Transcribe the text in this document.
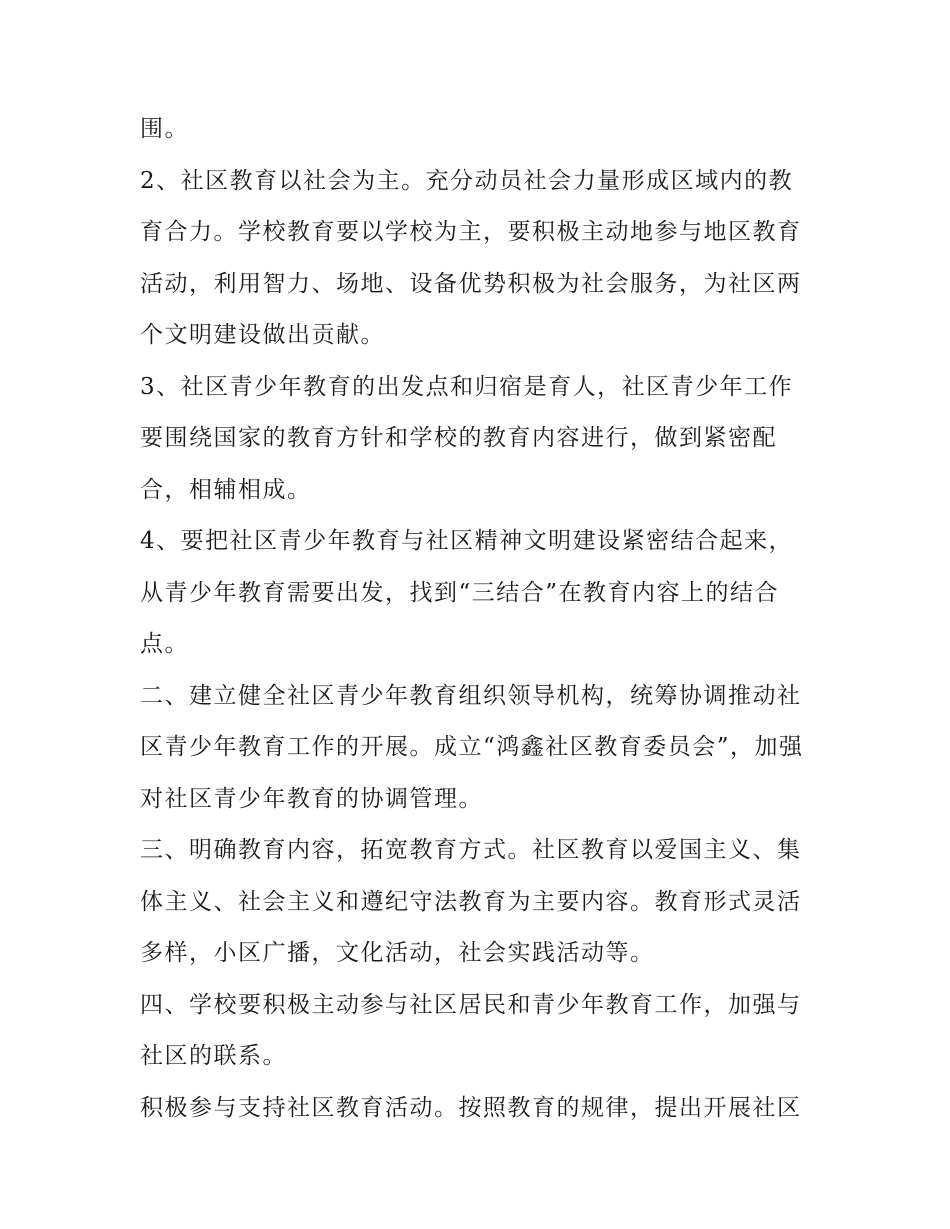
围。
2、社区教育以社会为主。充分动员社会力量形成区域内的教
育合力。学校教育要以学校为主，要积极主动地参与地区教育
活动，利用智力、场地、设备优势积极为社会服务，为社区两
个文明建设做出贡献。
3、社区青少年教育的出发点和归宿是育人，社区青少年工作
要围绕国家的教育方针和学校的教育内容进行，做到紧密配
合，相辅相成。
4、要把社区青少年教育与社区精神文明建设紧密结合起来，
从青少年教育需要出发，找到“三结合”在教育内容上的结合
点。
二、建立健全社区青少年教育组织领导机构，统筹协调推动社
区青少年教育工作的开展。成立“鸿鑫社区教育委员会”，加强
对社区青少年教育的协调管理。
三、明确教育内容，拓宽教育方式。社区教育以爱国主义、集
体主义、社会主义和遵纪守法教育为主要内容。教育形式灵活
多样，小区广播，文化活动，社会实践活动等。
四、学校要积极主动参与社区居民和青少年教育工作，加强与
社区的联系。
积极参与支持社区教育活动。按照教育的规律，提出开展社区
